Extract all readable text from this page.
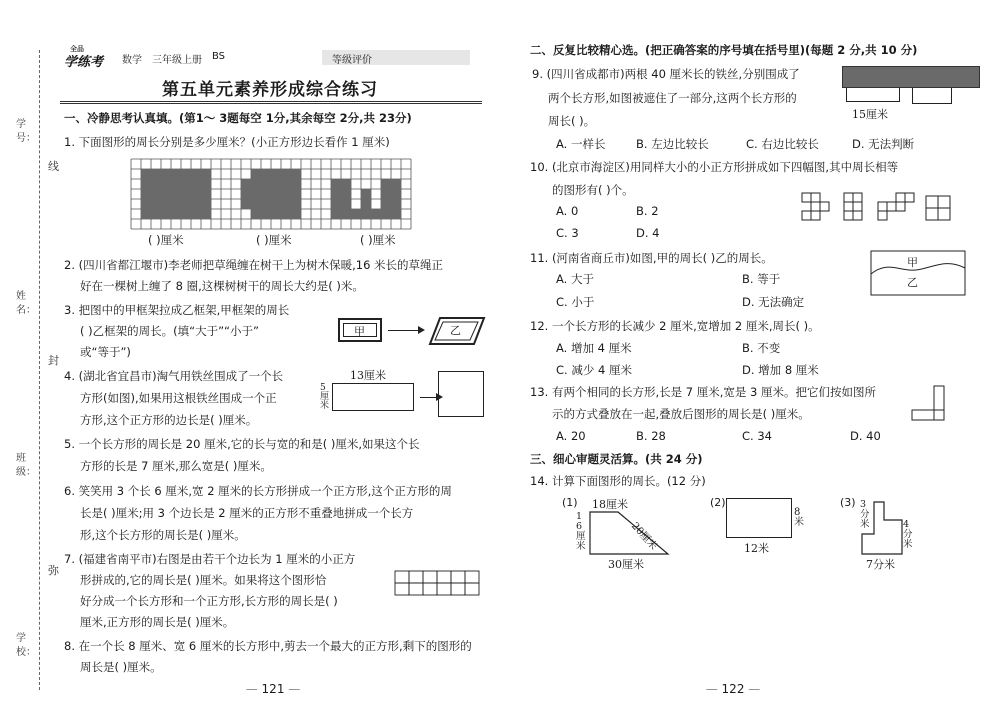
学号：
线
姓名：
封
班级：
弥
学校：
全品
学练考 数学 三年级上册 BS	等级评价
第五单元素养形成综合练习
一、冷静思考认真填。(第1～ 3题每空 1分,其余每空 2分,共 23分)
1. 下面图形的周长分别是多少厘米？(小正方形边长看作 1 厘米)
( )厘米	( )厘米	( )厘米
2. (四川省都江堰市)李老师把草绳缠在树干上为树木保暖,16 米长的草绳正
好在一棵树上缠了 8 圈,这棵树树干的周长大约是( )米。
3. 把图中的甲框架拉成乙框架,甲框架的周长
( )乙框架的周长。(填“大于”“小于”
或“等于”)
甲	乙
4. (湖北省宜昌市)淘气用铁丝围成了一个长
方形(如图),如果用这根铁丝围成一个正
方形,这个正方形的边长是( )厘米。
13厘米
5厘米
5. 一个长方形的周长是 20 厘米,它的长与宽的和是( )厘米,如果这个长
方形的长是 7 厘米,那么宽是( )厘米。
6. 笑笑用 3 个长 6 厘米,宽 2 厘米的长方形拼成一个正方形,这个正方形的周
长是( )厘米;用 3 个边长是 2 厘米的正方形不重叠地拼成一个长方
形,这个长方形的周长是( )厘米。
7. (福建省南平市)右图是由若干个边长为 1 厘米的小正方
形拼成的,它的周长是( )厘米。如果将这个图形恰
好分成一个长方形和一个正方形,长方形的周长是( )
厘米,正方形的周长是( )厘米。
8. 在一个长 8 厘米、宽 6 厘米的长方形中,剪去一个最大的正方形,剩下的图形的
周长是( )厘米。
— 121 —
二、反复比较精心选。(把正确答案的序号填在括号里)(每题 2 分,共 10 分)
9. (四川省成都市)两根 40 厘米长的铁丝,分别围成了
两个长方形,如图被遮住了一部分,这两个长方形的
周长( )。	15厘米
A. 一样长	B. 左边比较长	C. 右边比较长	D. 无法判断
10. (北京市海淀区)用同样大小的小正方形拼成如下四幅图,其中周长相等
的图形有( )个。
A. 0	B. 2
C. 3	D. 4
11. (河南省商丘市)如图,甲的周长( )乙的周长。	甲
乙
A. 大于	B. 等于
C. 小于	D. 无法确定
12. 一个长方形的长减少 2 厘米,宽增加 2 厘米,周长( )。
A. 增加 4 厘米	B. 不变
C. 减少 4 厘米	D. 增加 8 厘米
13. 有两个相同的长方形,长是 7 厘米,宽是 3 厘米。把它们按如图所
示的方式叠放在一起,叠放后图形的周长是( )厘米。
A. 20	B. 28	C. 34	D. 40
三、细心审题灵活算。(共 24 分)
14. 计算下面图形的周长。(12 分)
(1) 18厘米
20厘米
16厘米
30厘米
(2)
8米
12米
(3) 3分米	4分米
7分米
— 122 —
